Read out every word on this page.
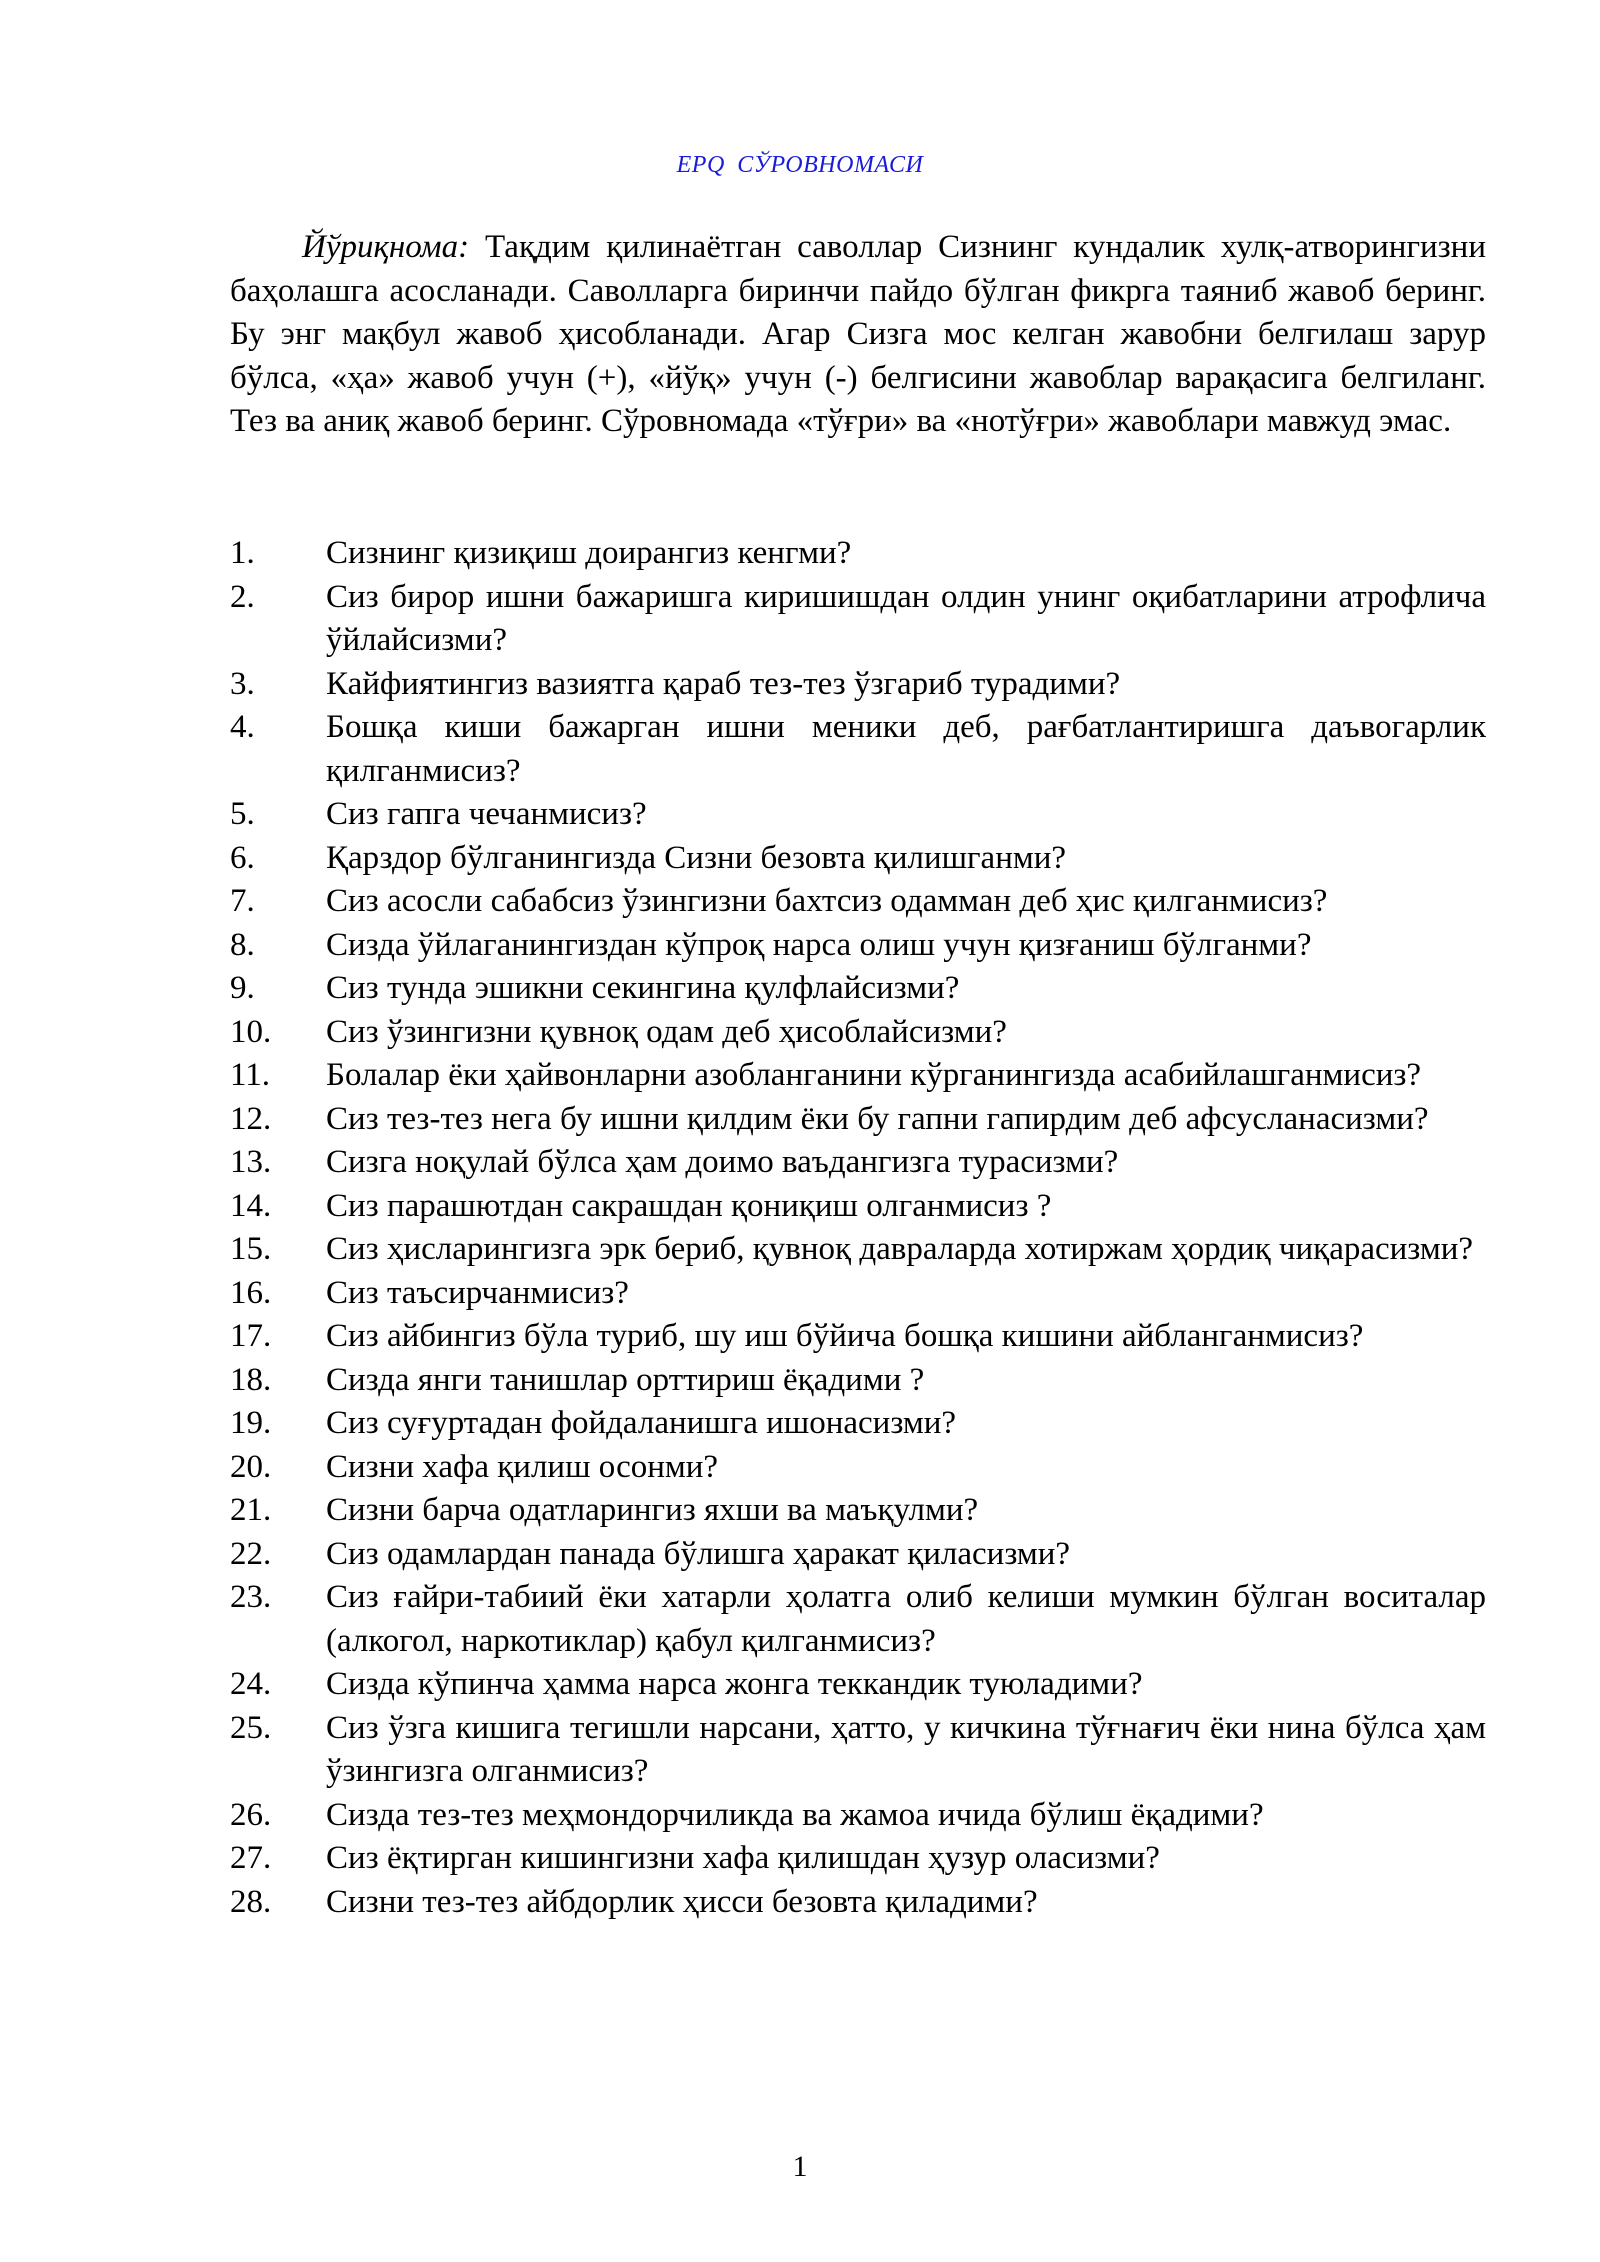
EPQ СЎРОВНОМАСИ

Йўриқнома: Тақдим қилинаётган саволлар Сизнинг кундалик хулқ-атворингизни баҳолашга асосланади. Саволларга биринчи пайдо бўлган фикрга таяниб жавоб беринг. Бу энг мақбул жавоб ҳисобланади. Агар Сизга мос келган жавобни белгилаш зарур бўлса, «ҳа» жавоб учун (+), «йўқ» учун (-) белгисини жавоблар варақасига белгиланг. Тез ва аниқ жавоб беринг. Сўровномада «тўғри» ва «нотўғри» жавоблари мавжуд эмас.

1.	Сизнинг қизиқиш доирангиз кенгми?
2.	Сиз бирор ишни бажаришга киришишдан олдин унинг оқибатларини атрофлича ўйлайсизми?
3.	Кайфиятингиз вазиятга қараб тез-тез ўзгариб турадими?
4.	Бошқа киши бажарган ишни меники деб, рағбатлантиришга даъвогарлик қилганмисиз?
5.	Сиз гапга чечанмисиз?
6.	Қарздор бўлганингизда Сизни безовта қилишганми?
7.	Сиз асосли сабабсиз ўзингизни бахтсиз одамман деб ҳис қилганмисиз?
8.	Сизда ўйлаганингиздан кўпроқ нарса олиш учун қизғаниш бўлганми?
9.	Сиз тунда эшикни секингина қулфлайсизми?
10.	Сиз ўзингизни қувноқ одам деб ҳисоблайсизми?
11.	Болалар ёки ҳайвонларни азобланганини кўрганингизда асабийлашганмисиз?
12.	Сиз тез-тез нега бу ишни қилдим ёки бу гапни гапирдим деб афсусланасизми?
13.	Сизга ноқулай бўлса ҳам доимо ваъдангизга турасизми?
14.	Сиз парашютдан сакрашдан қониқиш олганмисиз ?
15.	Сиз ҳисларингизга эрк бериб, қувноқ давраларда хотиржам ҳордиқ чиқарасизми?
16.	Сиз таъсирчанмисиз?
17.	Сиз айбингиз бўла туриб, шу иш бўйича бошқа кишини айбланганмисиз?
18.	Сизда янги танишлар орттириш ёқадими ?
19.	Сиз суғуртадан фойдаланишга ишонасизми?
20.	Сизни хафа қилиш осонми?
21.	Сизни барча одатларингиз яхши ва маъқулми?
22.	Сиз одамлардан панада бўлишга ҳаракат қиласизми?
23.	Сиз ғайри-табиий ёки хатарли ҳолатга олиб келиши мумкин бўлган воситалар (алкогол, наркотиклар) қабул қилганмисиз?
24.	Сизда кўпинча ҳамма нарса жонга теккандик туюладими?
25.	Сиз ўзга кишига тегишли нарсани, ҳатто, у кичкина тўғнағич ёки нина бўлса ҳам ўзингизга олганмисиз?
26.	Сизда тез-тез меҳмондорчиликда ва жамоа ичида бўлиш ёқадими?
27.	Сиз ёқтирган кишингизни хафа қилишдан ҳузур оласизми?
28.	Сизни тез-тез айбдорлик ҳисси безовта қиладими?
1
